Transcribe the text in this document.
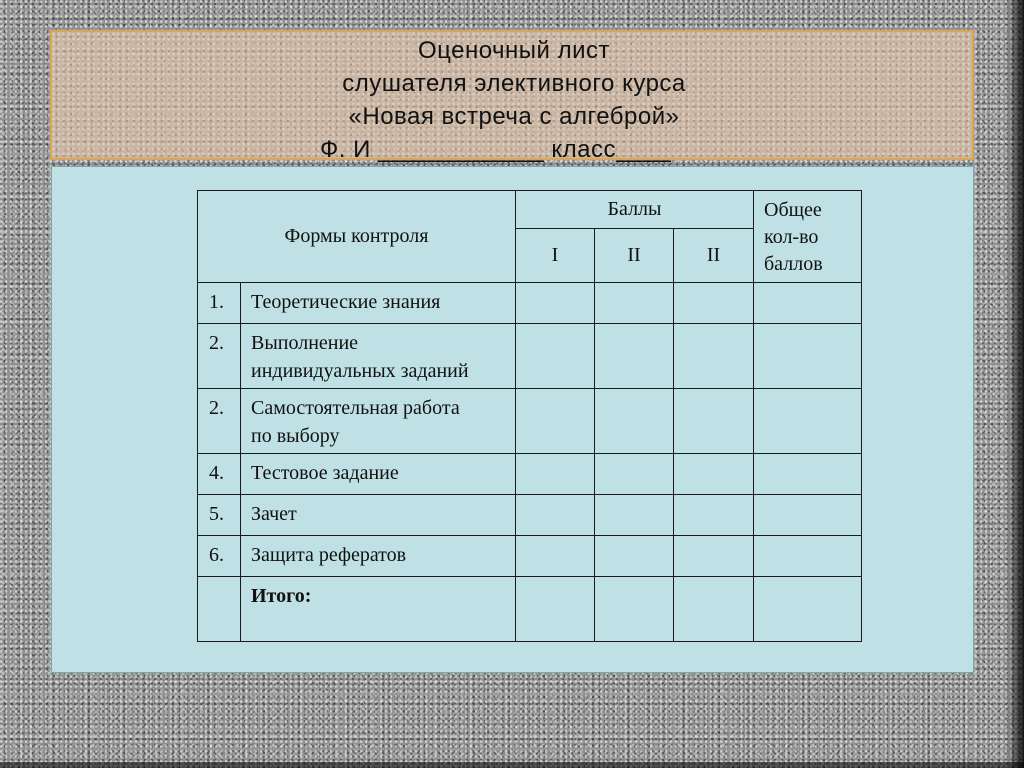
Оценочный лист
слушателя элективного курса
«Новая встреча с алгеброй»
Ф. И ____________ класс____
Формы контроля		Баллы			Общее
кол-во
баллов

		I	II	II	
1.	Теоретические знания				
2.	Выполнение
индивидуальных заданий				

2.	Самостоятельная работа
по выбору				

4.	Тестовое задание				
5.	Зачет				
6.	Защита рефератов				
	Итого:				
